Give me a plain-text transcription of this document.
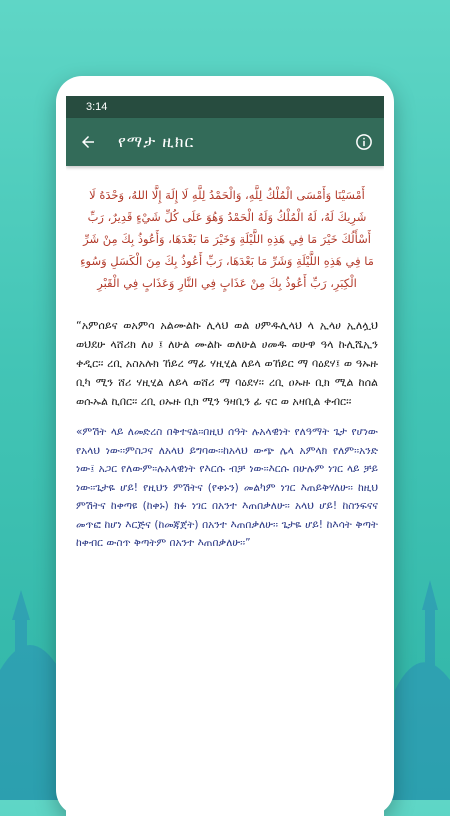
3:14
የማታ ዚክር

أَمْسَيْنَا وَأَمْسَى الْمُلْكُ لِلَّهِ، وَالْحَمْدُ لِلَّهِ لَا إِلَهَ إِلَّا اللهُ، وَحْدَهُ لَا شَرِيكَ لَهُ، لَهُ الْمُلْكُ وَلَهُ الْحَمْدُ وَهُوَ عَلَى كُلِّ شَيْءٍ قَدِيرٌ، رَبِّ أَسْأَلُكَ خَيْرَ مَا فِي هَذِهِ اللَّيْلَةِ وَخَيْرَ مَا بَعْدَهَا، وَأَعُوذُ بِكَ مِنْ شَرِّ مَا فِي هَذِهِ اللَّيْلَةِ وَشَرِّ مَا بَعْدَهَا، رَبِّ أَعُوذُ بِكَ مِنَ الْكَسَلِ وَسُوءِ الْكِبَرِ، رَبِّ أَعُوذُ بِكَ مِنْ عَذَابٍ فِي النَّارِ وَعَذَابٍ فِي الْقَبْرِ

“አምሰይና ወአምሳ አልሙልኩ ሊላህ ወል ሀምዱሊላህ ላ ኢላሀ ኢለሏህ ወህደሁ ላሸሪክ ለሀ ፤ ለሁል ሙልኩ ወለሁል ሀመዱ ወሁዋ ዓላ ኩሊሼኢን ቀዲር፡፡ ረቢ አስአሉክ ኸይረ ማፊ ሃዚሂል ለይላ ወኸይር ማ ባዕደሃ፤ ወ ዓኡዙ ቢካ ሚን ሸሪ ሃዚሂል ለይላ ወሸሪ ማ ባዕደሃ፡፡ ረቢ ዐኡዙ ቢክ ሚል ከሰል ወሱኡል ኪበር፡፡ ረቢ ዐኡዙ ቢክ ሚን ዓዛቢን ፊ ናር ወ አዛቢል ቀብር፡፡

«ምሽት ላይ ለመድረስ በቅተናል፡፡በዚህ ሰዓት ሉአላዊነት የለዓማት ጌታ የሆነው የአላህ ነው፡፡ምስጋና ለአላህ ይግባው፡፡ከአላህ ውጭ ሌላ አምላክ የለም፡፡አንድ ነው፤ አጋር የለውም፡፡ሉአላዊነት የእርሱ ብቻ ነው፡፡እርሱ በሁሉም ነገር ላይ ቻይ ነው፡፡ጌታዬ ሆይ! የዚህን ምሽትና (የቀኑን) መልካም ነገር እጠይቅሃለሁ፡፡ ከዚህ ምሽትና ከቀጣዩ (ከቀኑ) ክፉ ነገር በአንተ እጠበቃለሁ፡፡ አላህ ሆይ! ከስንፍናና መጥፎ ከሆነ እርጅና (ከመጃጀት) በአንተ እጠበቃለሁ፡፡ ጌታዬ ሆይ! ከእሳት ቅጣት ከቀብር ውስጥ ቅጣትም በአንተ እጠበቃለሁ፡፡”
